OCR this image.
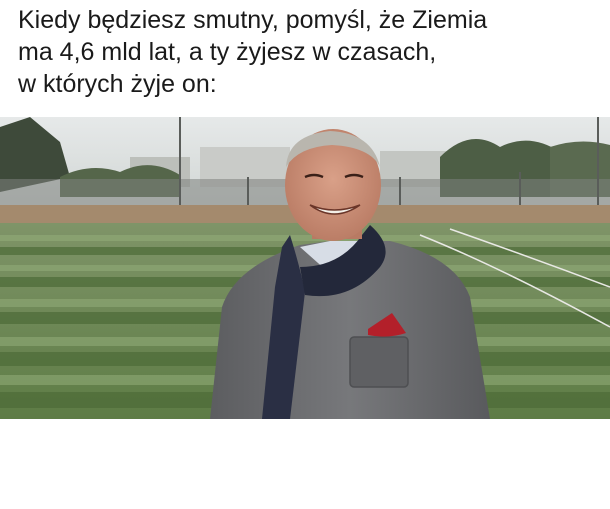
Kiedy będziesz smutny, pomyśl, że Ziemia
ma 4,6 mld lat, a ty żyjesz w czasach,
w których żyje on:
